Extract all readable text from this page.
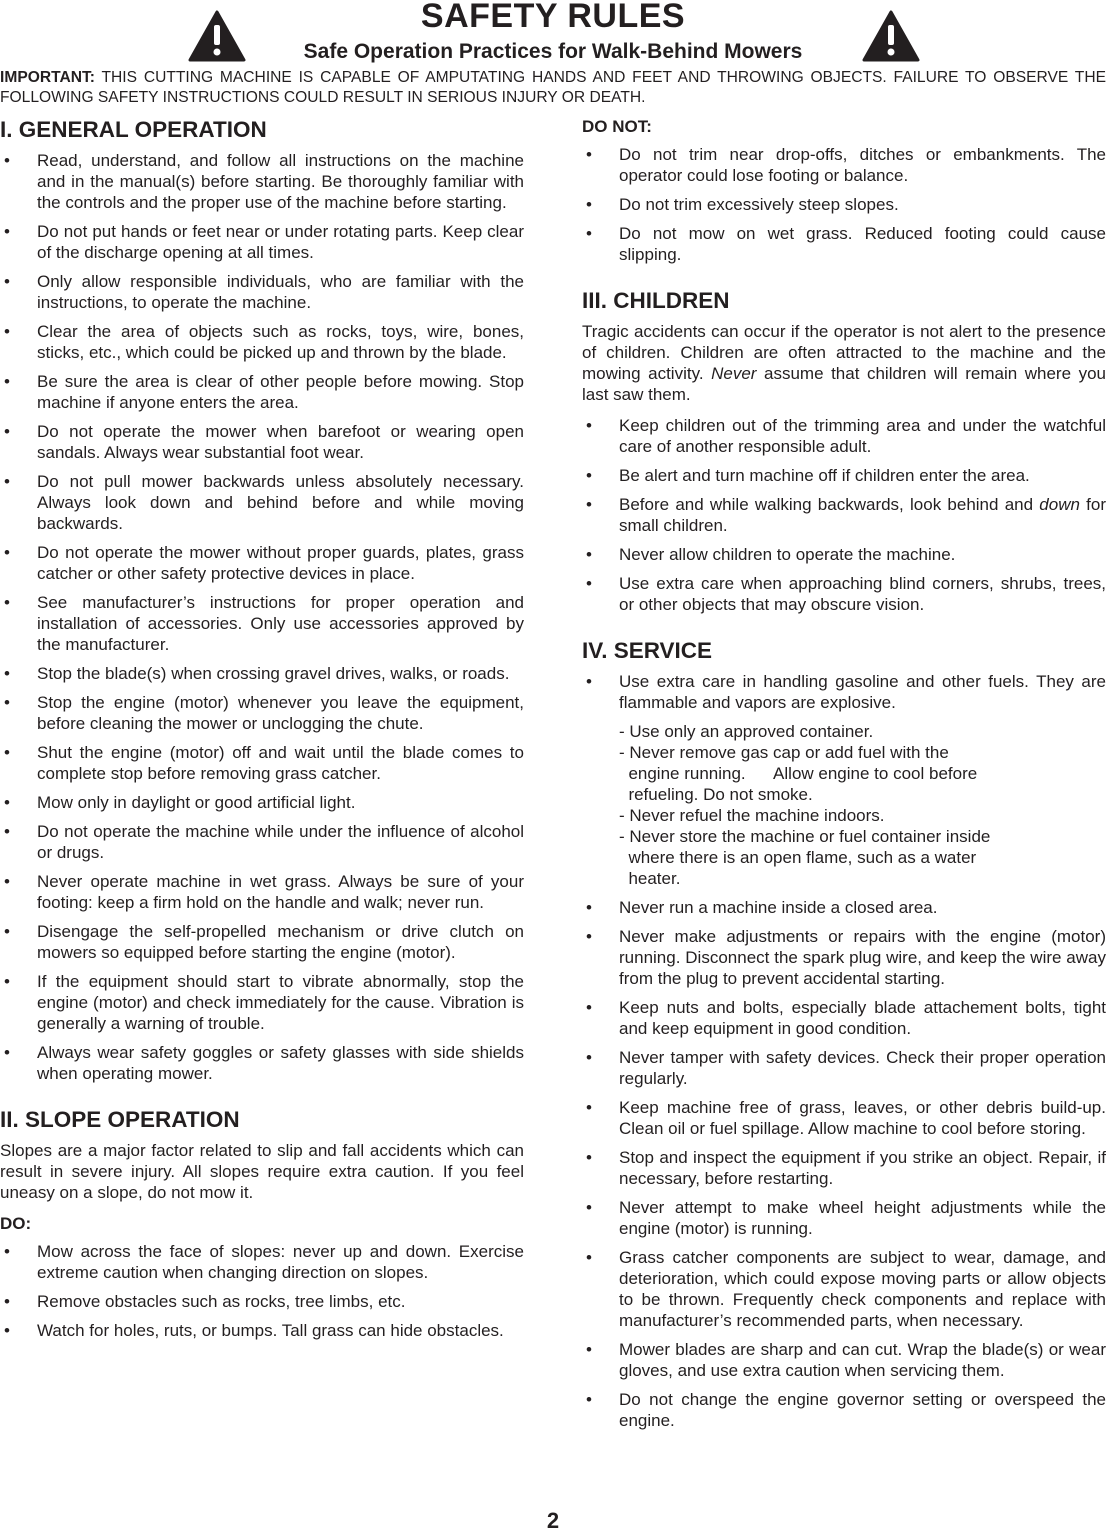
SAFETY RULES
Safe Operation Practices for Walk-Behind Mowers
IMPORTANT: THIS CUTTING MACHINE IS CAPABLE OF AMPUTATING HANDS AND FEET AND THROWING OBJECTS. FAILURE TO OBSERVE THE FOLLOWING SAFETY INSTRUCTIONS COULD RESULT IN SERIOUS INJURY OR DEATH.
I. GENERAL OPERATION
• Read, understand, and follow all instructions on the machine and in the manual(s) before starting. Be thoroughly familiar with the controls and the proper use of the machine before starting.
• Do not put hands or feet near or under rotating parts. Keep clear of the discharge opening at all times.
• Only allow responsible individuals, who are familiar with the instructions, to operate the machine.
• Clear the area of objects such as rocks, toys, wire, bones, sticks, etc., which could be picked up and thrown by the blade.
• Be sure the area is clear of other people before mowing. Stop machine if anyone enters the area.
• Do not operate the mower when barefoot or wearing open sandals. Always wear substantial foot wear.
• Do not pull mower backwards unless absolutely necessary. Always look down and behind before and while moving backwards.
• Do not operate the mower without proper guards, plates, grass catcher or other safety protective devices in place.
• See manufacturer’s instructions for proper operation and installation of accessories. Only use accessories approved by the manufacturer.
• Stop the blade(s) when crossing gravel drives, walks, or roads.
• Stop the engine (motor) whenever you leave the equipment, before cleaning the mower or unclogging the chute.
• Shut the engine (motor) off and wait until the blade comes to complete stop before removing grass catcher.
• Mow only in daylight or good artificial light.
• Do not operate the machine while under the influence of alcohol or drugs.
• Never operate machine in wet grass. Always be sure of your footing: keep a firm hold on the handle and walk; never run.
• Disengage the self-propelled mechanism or drive clutch on mowers so equipped before starting the engine (motor).
• If the equipment should start to vibrate abnormally, stop the engine (motor) and check immediately for the cause. Vibration is generally a warning of trouble.
• Always wear safety goggles or safety glasses with side shields when operating mower.
II. SLOPE OPERATION

Slopes are a major factor related to slip and fall accidents which can result in severe injury. All slopes require extra caution. If you feel uneasy on a slope, do not mow it.

DO:
• Mow across the face of slopes: never up and down. Exercise extreme caution when changing direction on slopes.
• Remove obstacles such as rocks, tree limbs, etc.
• Watch for holes, ruts, or bumps. Tall grass can hide obstacles.
DO NOT:
• Do not trim near drop-offs, ditches or embankments. The operator could lose footing or balance.
• Do not trim excessively steep slopes.
• Do not mow on wet grass. Reduced footing could cause slipping.
III. CHILDREN

Tragic accidents can occur if the operator is not alert to the presence of children. Children are often attracted to the machine and the mowing activity. Never assume that children will remain where you last saw them.

• Keep children out of the trimming area and under the watchful care of another responsible adult.
• Be alert and turn machine off if children enter the area.
• Before and while walking backwards, look behind and down for small children.
• Never allow children to operate the machine.
• Use extra care when approaching blind corners, shrubs, trees, or other objects that may obscure vision.
IV. SERVICE
• Use extra care in handling gasoline and other fuels. They are flammable and vapors are explosive.
- Use only an approved container.
- Never remove gas cap or add fuel with the
engine running.      Allow engine to cool before
refueling. Do not smoke.
- Never refuel the machine indoors.
- Never store the machine or fuel container inside
where there is an open flame, such as a water
heater.
• Never run a machine inside a closed area.
• Never make adjustments or repairs with the engine (motor) running. Disconnect the spark plug wire, and keep the wire away from the plug to prevent accidental starting.
• Keep nuts and bolts, especially blade attachement bolts, tight and keep equipment in good condition.
• Never tamper with safety devices. Check their proper operation regularly.
• Keep machine free of grass, leaves, or other debris build-up. Clean oil or fuel spillage. Allow machine to cool before storing.
• Stop and inspect the equipment if you strike an object. Repair, if necessary, before restarting.
• Never attempt to make wheel height adjustments while the engine (motor) is running.
• Grass catcher components are subject to wear, damage, and deterioration, which could expose moving parts or allow objects to be thrown. Frequently check components and replace with manufacturer’s recommended parts, when necessary.
• Mower blades are sharp and can cut. Wrap the blade(s) or wear gloves, and use extra caution when servicing them.
• Do not change the engine governor setting or overspeed the engine.
2
